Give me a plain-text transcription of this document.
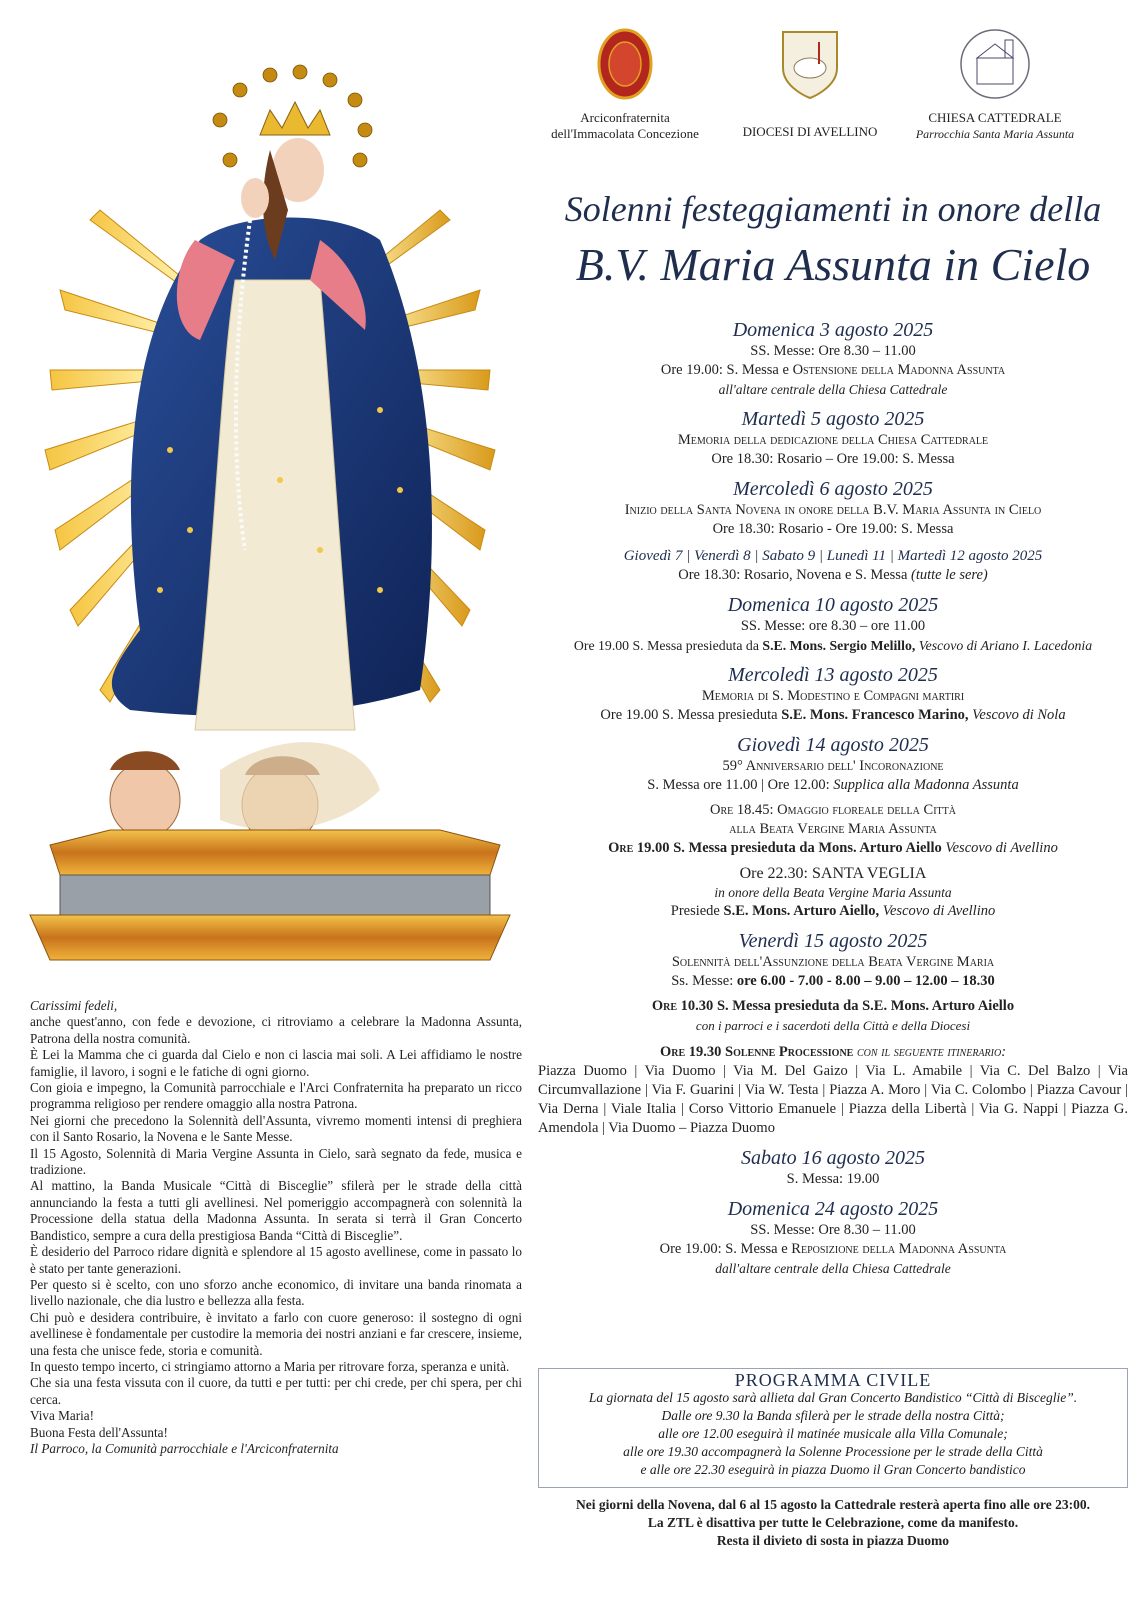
Carissimi fedeli,

anche quest'anno, con fede e devozione, ci ritroviamo a celebrare la Madonna Assunta, Patrona della nostra comunità.

È Lei la Mamma che ci guarda dal Cielo e non ci lascia mai soli. A Lei affidiamo le nostre famiglie, il lavoro, i sogni e le fatiche di ogni giorno.

Con gioia e impegno, la Comunità parrocchiale e l'Arci Confraternita ha preparato un ricco programma religioso per rendere omaggio alla nostra Patrona.

Nei giorni che precedono la Solennità dell'Assunta, vivremo momenti intensi di preghiera con il Santo Rosario, la Novena e le Sante Messe.

Il 15 Agosto, Solennità di Maria Vergine Assunta in Cielo, sarà segnato da fede, musica e tradizione.

Al mattino, la Banda Musicale “Città di Bisceglie” sfilerà per le strade della città annunciando la festa a tutti gli avellinesi. Nel pomeriggio accompagnerà con solennità la Processione della statua della Madonna Assunta. In serata si terrà il Gran Concerto Bandistico, sempre a cura della prestigiosa Banda “Città di Bisceglie”.

È desiderio del Parroco ridare dignità e splendore al 15 agosto avellinese, come in passato lo è stato per tante generazioni.

Per questo si è scelto, con uno sforzo anche economico, di invitare una banda rinomata a livello nazionale, che dia lustro e bellezza alla festa.

Chi può e desidera contribuire, è invitato a farlo con cuore generoso: il sostegno di ogni avellinese è fondamentale per custodire la memoria dei nostri anziani e far crescere, insieme, una festa che unisce fede, storia e comunità.

In questo tempo incerto, ci stringiamo attorno a Maria per ritrovare forza, speranza e unità.

Che sia una festa vissuta con il cuore, da tutti e per tutti: per chi crede, per chi spera, per chi cerca.

Viva Maria!

Buona Festa dell'Assunta!

Il Parroco, la Comunità parrocchiale e l'Arciconfraternita

Arciconfraternita
dell'Immacolata Concezione	DIOCESI DI AVELLINO
CHIESA CATTEDRALE
Parrocchia Santa Maria Assunta
Solenni festeggiamenti in onore della
B.V. Maria Assunta in Cielo
Domenica 3 agosto 2025
SS. Messe: Ore 8.30 – 11.00
Ore 19.00: S. Messa e Ostensione della Madonna Assunta
all'altare centrale della Chiesa Cattedrale
Martedì 5 agosto 2025
Memoria della dedicazione della Chiesa Cattedrale
Ore 18.30: Rosario – Ore 19.00: S. Messa
Mercoledì 6 agosto 2025
Inizio della Santa Novena in onore della B.V. Maria Assunta in Cielo
Ore 18.30: Rosario - Ore 19.00: S. Messa
Giovedì 7 | Venerdì 8 | Sabato 9 | Lunedì 11 | Martedì 12 agosto 2025
Ore 18.30: Rosario, Novena e S. Messa (tutte le sere)
Domenica 10 agosto 2025
SS. Messe: ore 8.30 – ore 11.00
Ore 19.00 S. Messa presieduta da S.E. Mons. Sergio Melillo, Vescovo di Ariano I. Lacedonia
Mercoledì 13 agosto 2025
Memoria di S. Modestino e Compagni martiri
Ore 19.00 S. Messa presieduta S.E. Mons. Francesco Marino, Vescovo di Nola
Giovedì 14 agosto 2025
59° Anniversario dell' Incoronazione
S. Messa ore 11.00 | Ore 12.00: Supplica alla Madonna Assunta
Ore 18.45: Omaggio floreale della Città
alla Beata Vergine Maria Assunta
Ore 19.00 S. Messa presieduta da Mons. Arturo Aiello Vescovo di Avellino
Ore 22.30: SANTA VEGLIA
in onore della Beata Vergine Maria Assunta
Presiede S.E. Mons. Arturo Aiello, Vescovo di Avellino
Venerdì 15 agosto 2025
Solennità dell'Assunzione della Beata Vergine Maria
Ss. Messe: ore 6.00 - 7.00 - 8.00 – 9.00 – 12.00 – 18.30
Ore 10.30 S. Messa presieduta da S.E. Mons. Arturo Aiello
con i parroci e i sacerdoti della Città e della Diocesi
Ore 19.30 Solenne Processione con il seguente itinerario:
Piazza Duomo | Via Duomo | Via M. Del Gaizo | Via L. Amabile | Via C. Del Balzo | Via Circumvallazione | Via F. Guarini | Via W. Testa | Piazza A. Moro | Via C. Colombo | Piazza Cavour | Via Derna | Viale Italia | Corso Vittorio Emanuele | Piazza della Libertà | Via G. Nappi | Piazza G. Amendola | Via Duomo – Piazza Duomo
Sabato 16 agosto 2025
S. Messa: 19.00
Domenica 24 agosto 2025
SS. Messe: Ore 8.30 – 11.00
Ore 19.00: S. Messa e Reposizione della Madonna Assunta
dall'altare centrale della Chiesa Cattedrale
PROGRAMMA CIVILE
La giornata del 15 agosto sarà allieta dal Gran Concerto Bandistico “Città di Bisceglie”.
Dalle ore 9.30 la Banda sfilerà per le strade della nostra Città;
alle ore 12.00 eseguirà il matinée musicale alla Villa Comunale;
alle ore 19.30 accompagnerà la Solenne Processione per le strade della Città
e alle ore 22.30 eseguirà in piazza Duomo il Gran Concerto bandistico
Nei giorni della Novena, dal 6 al 15 agosto la Cattedrale resterà aperta fino alle ore 23:00.
La ZTL è disattiva per tutte le Celebrazione, come da manifesto.
Resta il divieto di sosta in piazza Duomo
